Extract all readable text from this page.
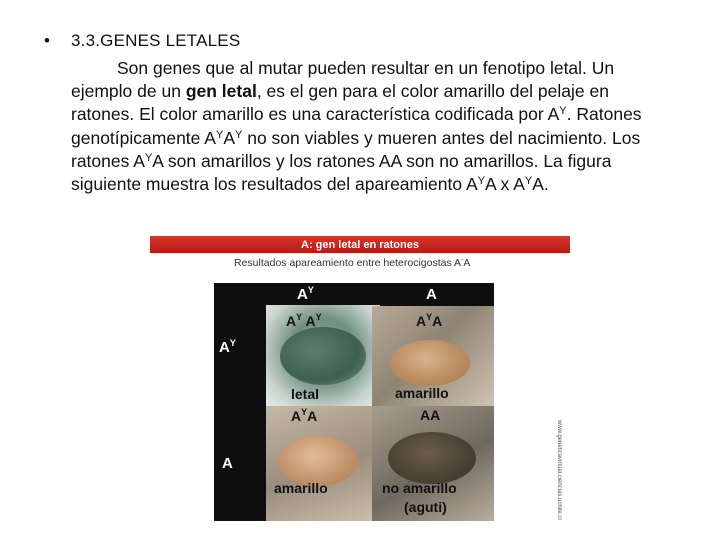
• 3.3.GENES LETALES

Son genes que al mutar pueden resultar en un fenotipo letal. Un ejemplo de un gen letal, es el gen para el color amarillo del pelaje en ratones. El color amarillo es una característica codificada por $A^Y$. Ratones genotípicamente $A^YA^Y$ no son viables y mueren antes del nacimiento. Los ratones $A^YA$ son amarillos y los ratones AA son no amarillos. La figura siguiente muestra los resultados del apareamiento $A^YA$ x $A^YA$.

A: gen letal en ratones
Resultados apareamiento entre heterocigostas A-A
$A^Y$	A
$A^Y$
A
$A^Y$ $A^Y$
letal
$A^YA$
amarillo
$A^YA$
amarillo
AA
no amarillo
(aguti)	www.geneticavirtual.ciencias.uchile.cl
